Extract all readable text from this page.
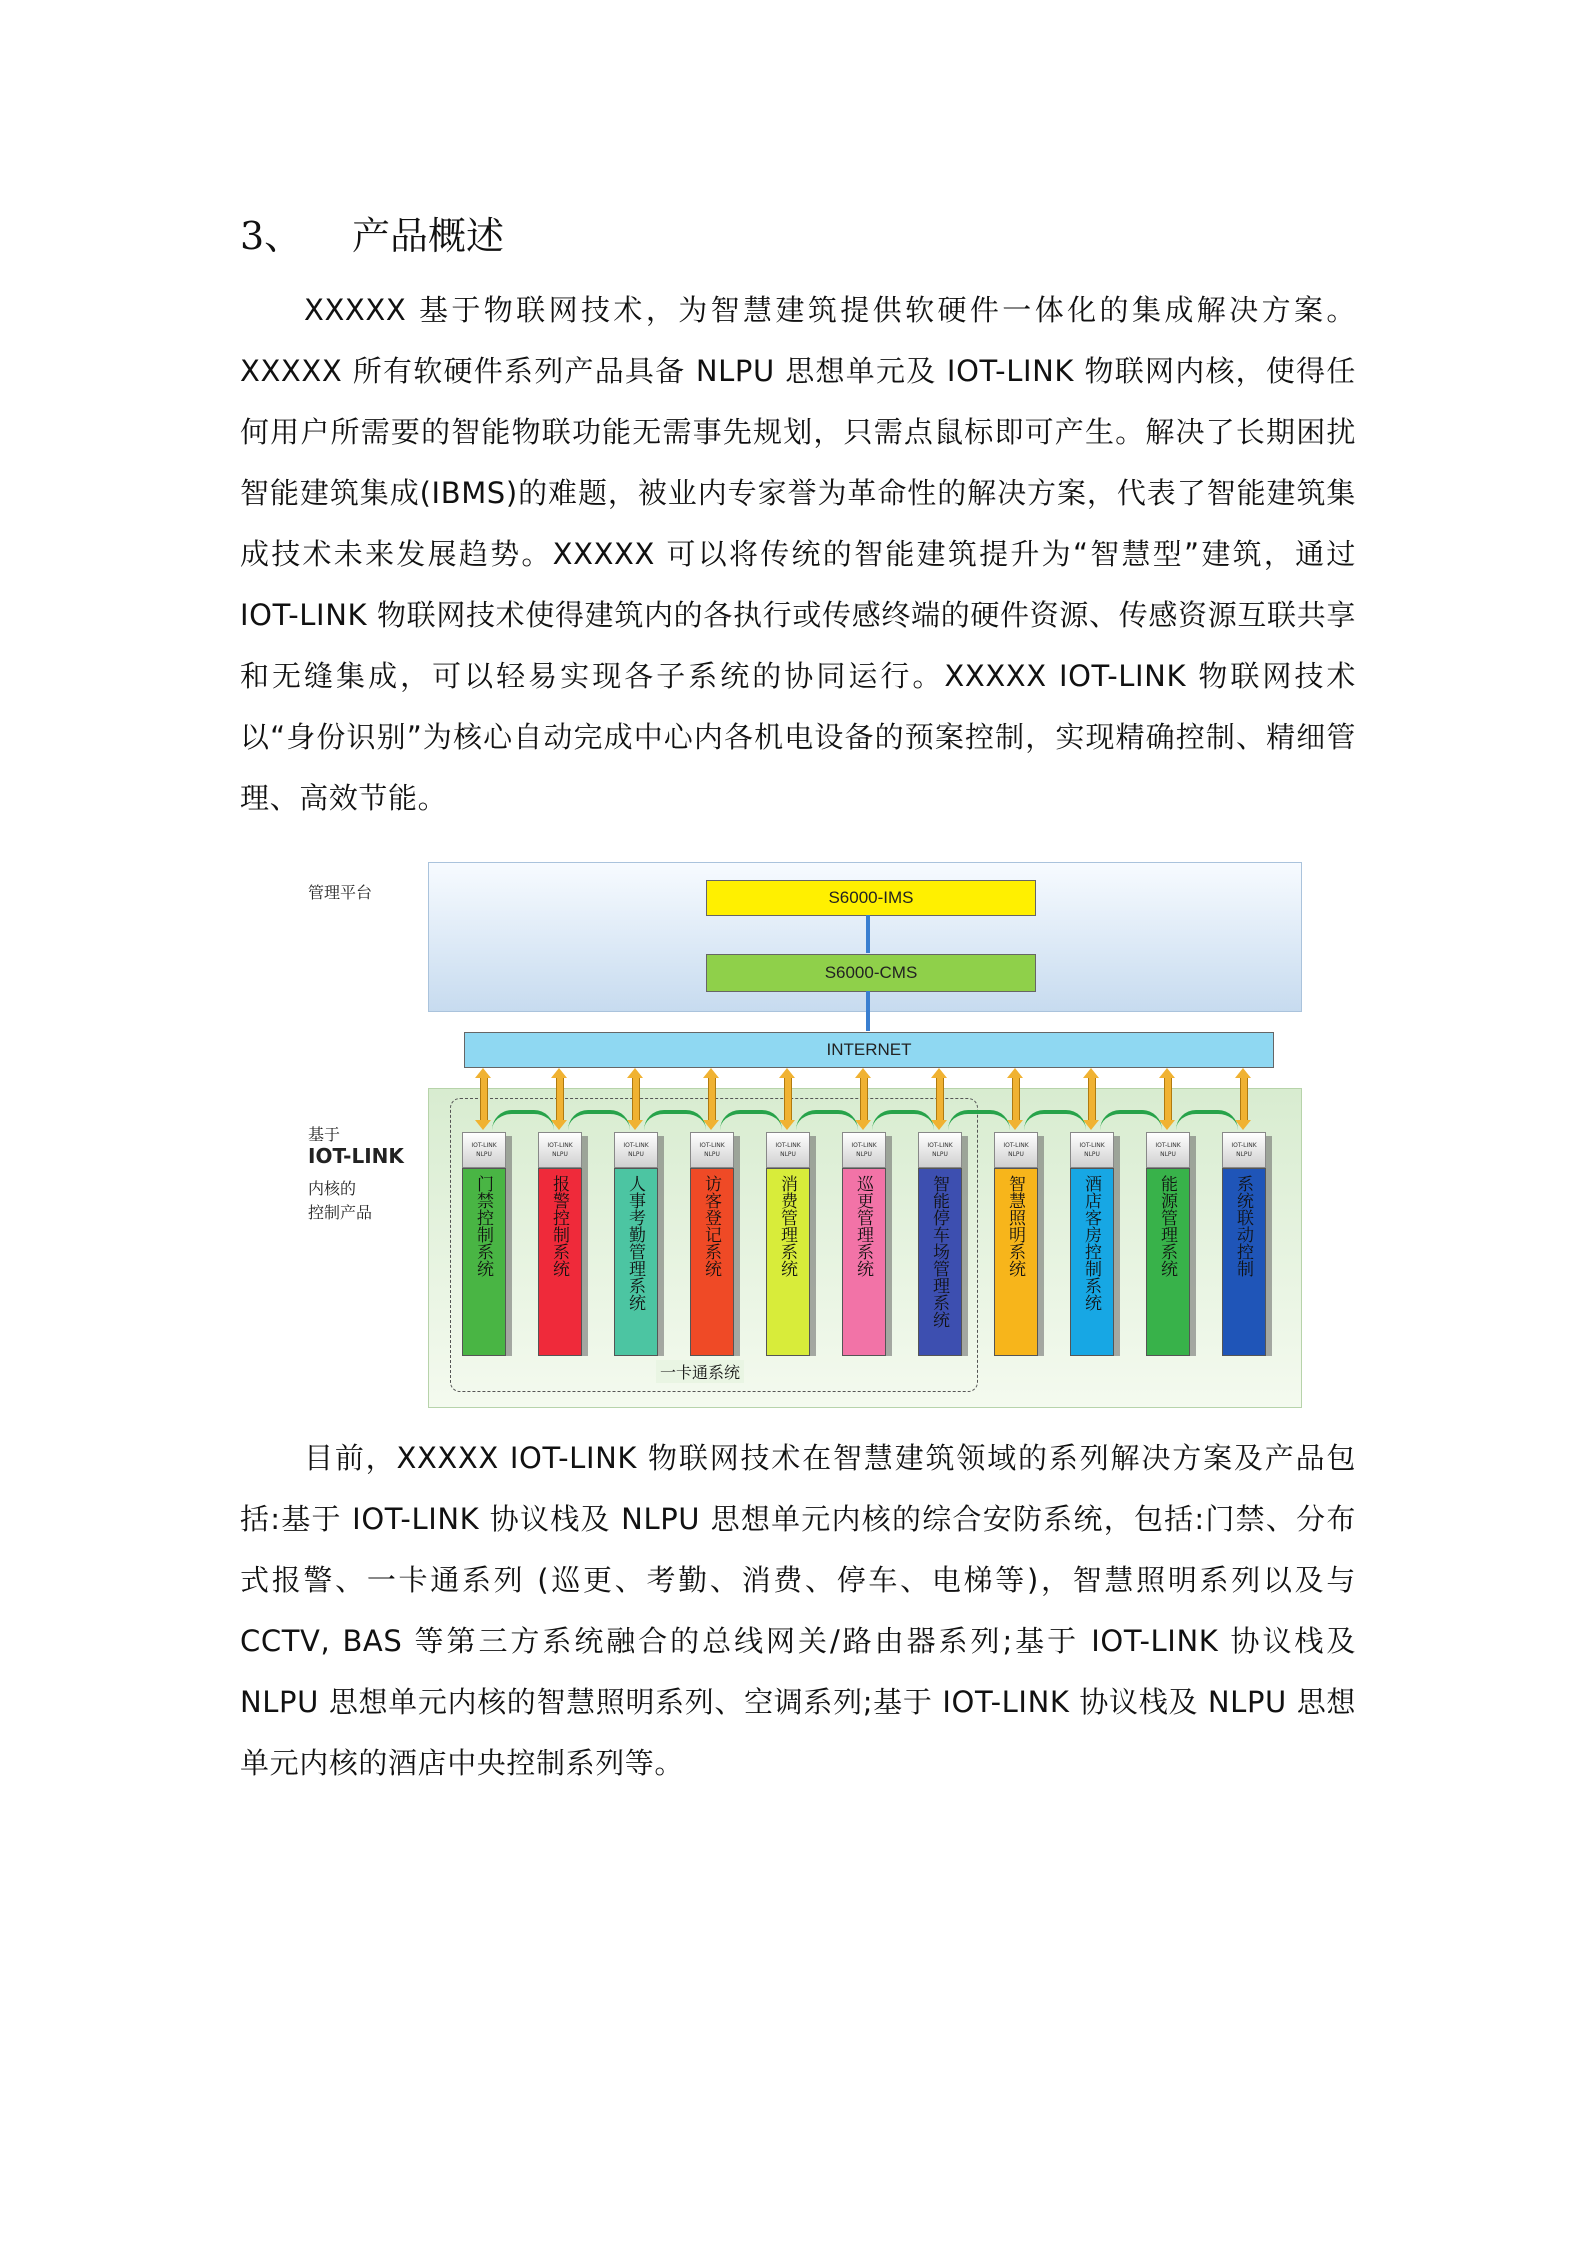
3、 产品概述

XXXXX 基于物联网技术，为智慧建筑提供软硬件一体化的集成解决方案。XXXXX 所有软硬件系列产品具备 NLPU 思想单元及 IOT-LINK 物联网内核，使得任何用户所需要的智能物联功能无需事先规划，只需点鼠标即可产生。解决了长期困扰智能建筑集成(IBMS)的难题，被业内专家誉为革命性的解决方案，代表了智能建筑集成技术未来发展趋势。XXXXX 可以将传统的智能建筑提升为“智慧型”建筑，通过 IOT-LINK 物联网技术使得建筑内的各执行或传感终端的硬件资源、传感资源互联共享和无缝集成，可以轻易实现各子系统的协同运行。XXXXX IOT-LINK 物联网技术以“身份识别”为核心自动完成中心内各机电设备的预案控制，实现精确控制、精细管理、高效节能。

管理平台
基于
IOT-LINK
内核的
控制产品
S6000-IMS
S6000-CMS
INTERNET
一卡通系统
IOT-LINK
NLPU
门禁控制系统
IOT-LINK
NLPU
报警控制系统
IOT-LINK
NLPU
人事考勤管理系统
IOT-LINK
NLPU
访客登记系统
IOT-LINK
NLPU
消费管理系统
IOT-LINK
NLPU
巡更管理系统
IOT-LINK
NLPU
智能停车场管理系统
IOT-LINK
NLPU
智慧照明系统
IOT-LINK
NLPU
酒店客房控制系统
IOT-LINK
NLPU
能源管理系统
IOT-LINK
NLPU
系统联动控制

目前，XXXXX IOT-LINK 物联网技术在智慧建筑领域的系列解决方案及产品包括:基于 IOT-LINK 协议栈及 NLPU 思想单元内核的综合安防系统，包括:门禁、分布式报警、一卡通系列 (巡更、考勤、消费、停车、电梯等)，智慧照明系列以及与 CCTV, BAS 等第三方系统融合的总线网关/路由器系列;基于 IOT-LINK 协议栈及 NLPU 思想单元内核的智慧照明系列、空调系列;基于 IOT-LINK 协议栈及 NLPU 思想单元内核的酒店中央控制系列等。
